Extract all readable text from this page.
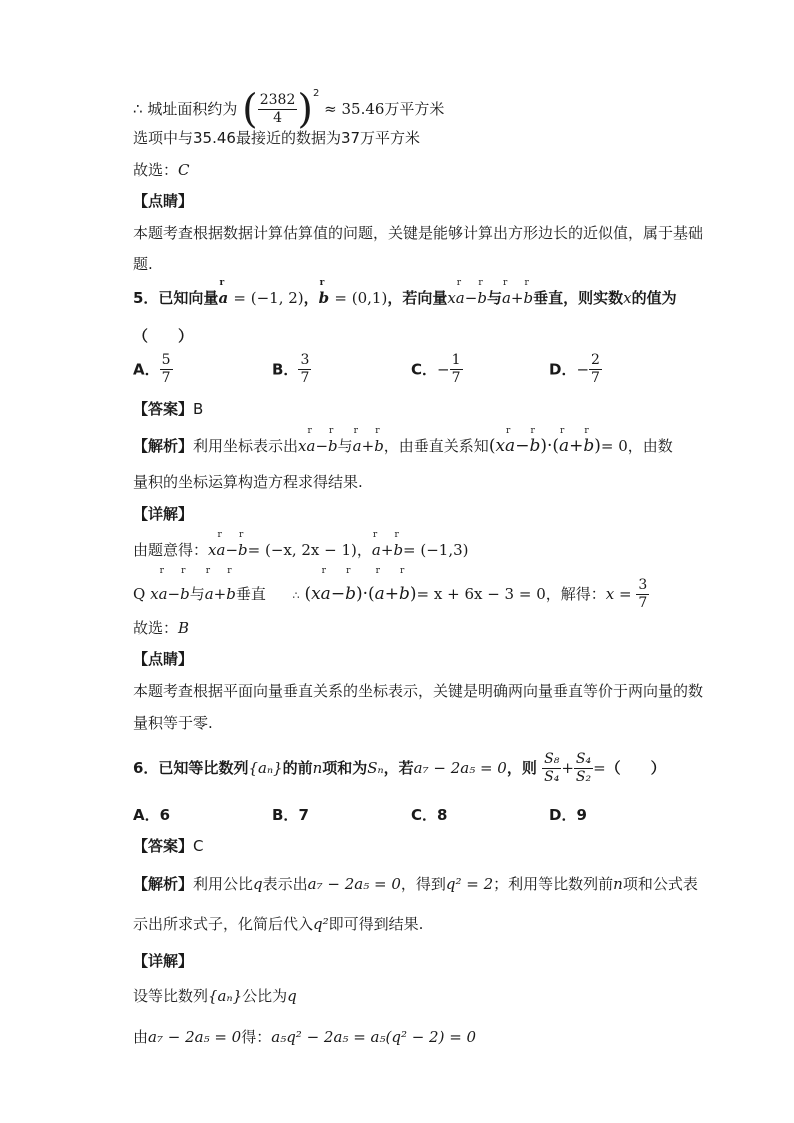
∴ 城址面积约为 ( $\frac{2382}{4} )^2 \approx 35.46$万平方米
选项中与35.46最接近的数据为37万平方米
故选：C
【点睛】
本题考查根据数据计算估算值的问题，关键是能够计算出方形边长的近似值，属于基础
题.
5．已知向量a
r
= (−1, 2)，b
r
= (0,1)，若向量xa
r
−b
r
与a
r
+b
r
垂直，则实数x的值为
（　　）
A． $\frac{5}{7}$	B． $\frac{3}{7}$	C．− $\frac{1}{7}$	D．− $\frac{2}{7}$
【答案】B
【解析】利用坐标表示出xa
r
−b
r
与a
r
+b
r
，由垂直关系知(xa
r
−b
r
)·(a
r
+b
r
)= 0，由数
量积的坐标运算构造方程求得结果.
【详解】
由题意得：xa
r
−b
r
= (−x, 2x − 1)，a
r
+b
r
= (−1,3)
Q xa
r
−b
r
与a
r
+b
r
垂直 ∴ (xa
r
−b
r
)·(a
r
+b
r
)= x + 6x − 3 = 0，解得：$x = \frac{3}{7}$
故选：B
【点睛】
本题考查根据平面向量垂直关系的坐标表示，关键是明确两向量垂直等价于两向量的数
量积等于零.
6．已知等比数列{aₙ}的前n项和为Sₙ，若a₇ − 2a₅ = 0，则 $\frac{\text{S₈}}{\text{S₄}} + \frac{\text{S₄}}{\text{S₂}}$ =（　　）
A．6	B．7	C．8	D．9
【答案】C
【解析】利用公比q表示出a₇ − 2a₅ = 0，得到q² = 2；利用等比数列前n项和公式表
示出所求式子，化简后代入q²即可得到结果.
【详解】
设等比数列{aₙ}公比为q
由a₇ − 2a₅ = 0得：a₅q² − 2a₅ = a₅(q² − 2) = 0
